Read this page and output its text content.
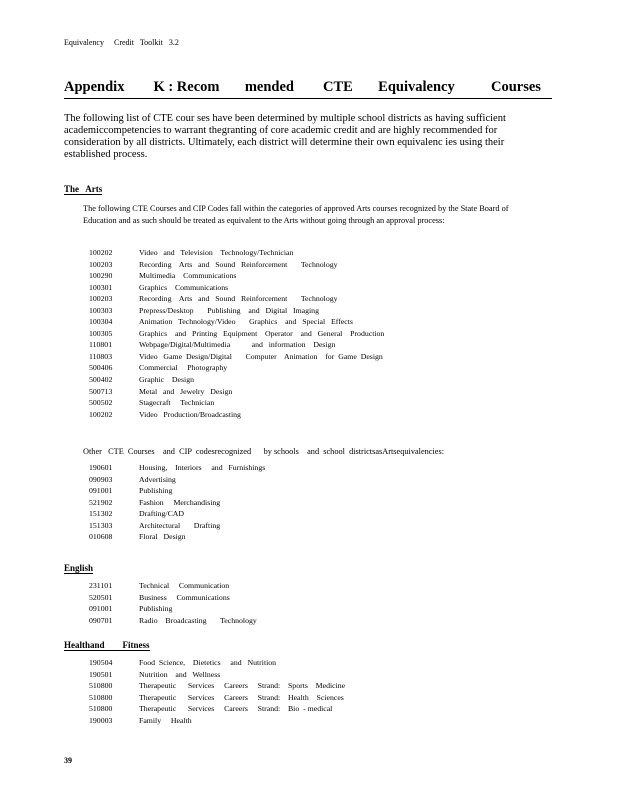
Equivalency     Credit   Toolkit   3.2
Appendix        K : Recom       mended        CTE       Equivalency          Courses
The following list of CTE cour ses have been determined by multiple school districts as having sufficient academiccompetencies to warrant thegranting of core academic credit and are highly recommended for consideration by all districts. Ultimately, each district will determine their own equivalenc ies using their established process.
The   Arts
The following CTE Courses and CIP Codes fall within the categories of approved Arts courses recognized by the State Board of Education and as such should be treated as equivalent to the Arts without going through an approval process:
100202	Video   and   Television    Technology/Technician
100203	Recording    Arts   and   Sound   Reinforcement       Technology
100290	Multimedia    Communications
100301	Graphics    Communications
100203	Recording    Arts   and   Sound   Reinforcement       Technology
100303	Prepress/Desktop       Publishing    and   Digital   Imaging
100304	Animation   Technology/Video       Graphics    and   Special   Effects
100305	Graphics    and   Printing   Equipment    Operator    and   General    Production
110801	Webpage/Digital/Multimedia           and   information    Design
110803	Video   Game  Design/Digital       Computer    Animation    for  Game  Design
500406	Commercial     Photography
500402	Graphic    Design
500713	Metal   and   Jewelry   Design
500502	Stagecraft     Technician
100202	Video   Production/Broadcasting
Other   CTE  Courses    and  CIP  codesrecognized      by schools    and  school  districtsasArtsequivalencies:
190601	Housing,    Interiors     and   Furnishings
090903	Advertising
091001	Publishing
521902	Fashion     Merchandising
151302	Drafting/CAD
151303	Architectural       Drafting
010608	Floral   Design
English
231101	Technical     Communication
520501	Business     Communications
091001	Publishing
090701	Radio    Broadcasting       Technology
Healthand        Fitness
190504	Food  Science,    Dietetics     and   Nutrition
190501	Nutrition    and   Wellness
510800	Therapeutic      Services     Careers     Strand:    Sports    Medicine
510800	Therapeutic      Services     Careers     Strand:    Health    Sciences
510800	Therapeutic      Services     Careers     Strand:    Bio  - medical
190003	Family     Health
39
